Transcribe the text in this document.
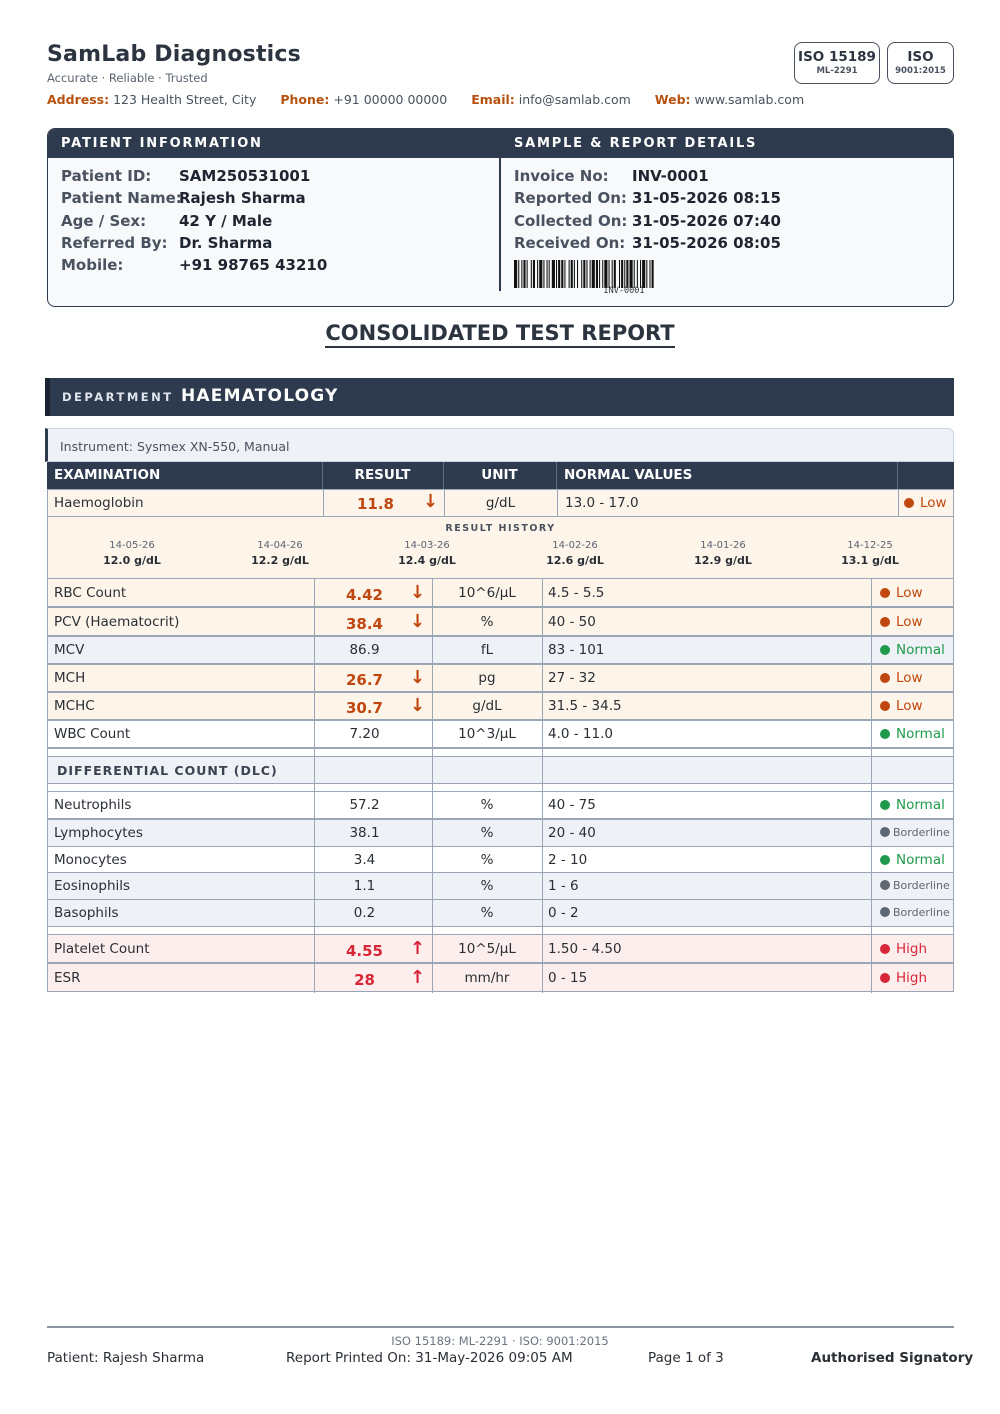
SamLab Diagnostics
Accurate · Reliable · Trusted
Address: 123 Health Street, City Phone: +91 00000 00000 Email: info@samlab.com Web: www.samlab.com
ISO 15189
ML-2291
ISO
9001:2015
PATIENT INFORMATION	SAMPLE & REPORT DETAILS
Patient ID: SAM250531001
Patient Name:Rajesh Sharma
Age / Sex: 42 Y / Male
Referred By: Dr. Sharma
Mobile:	+91 98765 43210
Invoice No: INV-0001
Reported On: 31-05-2026 08:15
Collected On: 31-05-2026 07:40
Received On: 31-05-2026 08:05
INV-0001
CONSOLIDATED TEST REPORT
DEPARTMENT HAEMATOLOGY
Instrument: Sysmex XN-550, Manual
EXAMINATION	RESULT	UNIT	NORMAL VALUES
Haemoglobin	11.8	↓	g/dL	13.0 - 17.0	Low
RESULT HISTORY
14-05-26
12.0 g/dL
14-04-26
12.2 g/dL
14-03-26
12.4 g/dL
14-02-26
12.6 g/dL
14-01-26
12.9 g/dL
14-12-25
13.1 g/dL
RBC Count	4.42	↓	10^6/µL	4.5 - 5.5	Low
PCV (Haematocrit)	38.4	↓	%	40 - 50	Low
MCV	86.9	fL	83 - 101	Normal
MCH	26.7	↓	pg	27 - 32	Low
MCHC	30.7	↓	g/dL	31.5 - 34.5	Low
WBC Count	7.20	10^3/µL	4.0 - 11.0	Normal
DIFFERENTIAL COUNT (DLC)
Neutrophils	57.2	%	40 - 75	Normal
Lymphocytes	38.1	%	20 - 40	Borderline
Monocytes	3.4	%	2 - 10	Normal
Eosinophils	1.1	%	1 - 6	Borderline
Basophils	0.2	%	0 - 2	Borderline
Platelet Count	4.55	↑	10^5/µL	1.50 - 4.50	High
ESR	28	↑	mm/hr	0 - 15	High
ISO 15189: ML-2291 · ISO: 9001:2015
Patient: Rajesh Sharma	Report Printed On: 31-May-2026 09:05 AM	Page 1 of 3	Authorised Signatory
